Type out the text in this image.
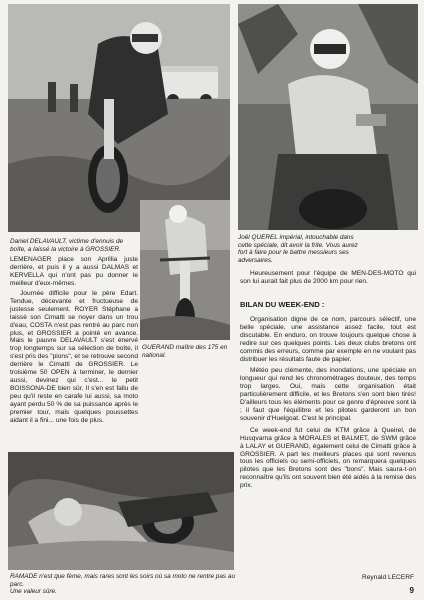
Joël QUEREL impérial, intouchable dans

cette spéciale, dit avoir la frite. Vous aurez

fort à faire pour le battre messieurs ses

adversaires.

Daniel DELAVAULT, victime d'ennuis de

boîte, a laissé la victoire à GROSSIER.

LEMENAGER place son Aprillia juste derrière, et puis il y a aussi DALMAS et KERVELLA qui n'ont pas pu donner le meilleur d'eux-mêmes.

Journée difficile pour le père Edart. Tendue, décevante et fructueuse de justesse seulement. ROYER Stéphane a laissé son Cimatti se noyer dans un trou d'eau, COSTA n'est pas rentré au parc non plus, et GROSSIER a pointé en avance. Mais le pauvre DELAVAULT s'est énervé trop longtemps sur sa sélection de boîte, il s'est pris des "pions", et se retrouve second derrière le Cimatti de GROSSIER. Le troisième 50 OPEN à terminer, le dernier aussi, devinez qui c'est... le petit BOISSONA-DE bien sûr. Il s'en est fallu de peu qu'il reste en carafe lui aussi, sa moto ayant perdu 50 % de sa puissance après le premier tour, mais quelques poussettes aidant il a fini... une fois de plus.

GUERAND maître des 175 en national.

Heureusement pour l'équipe de MEN-DES-MOTO qui son lui aurait fait plus de 2000 km pour rien.

BILAN DU WEEK-END :

Organisation digne de ce nom, parcours sélectif, une belle spéciale, une assistance assez facile, tout est discutable. En enduro, on trouve toujours quelque chose à redire sur ces quelques points. Les deux clubs bretons ont commis des erreurs, comme par exemple en ne voulant pas distribuer les résultats faute de papier.

Météo peu clémente, des inondations, une spéciale en longueur qui rend les chronométrages douteux, des temps trop larges. Oui, mais cette organisation était particulièrement difficile, et les Bretons s'en sont bien tirés! D'ailleurs tous les éléments pour ce genre d'épreuve sont là ; il faut que l'équilibre et les pilotes garderont un bon souvenir d'Huelgoat. C'est le principal.

Ce week-end fut celui de KTM grâce à Queirel, de Husqvarna grâce à MORALES et BALMET, de SWM grâce à LALAY et GUERAND, également celui de Cimatti grâce à GROSSIER. A part les meilleurs places qui sont revenus tous les officiels ou semi-officiels, on remarquera quelques pilotes que les Bretons sont des "bons". Mais saura-t-on reconnaître qu'ils ont souvent bien été aidés à la remise des prix.

RAMADE n'est que fème, mais rares sont les soirs où sa moto ne rentre pas au parc.

Une valeur sûre.

Reynald LECERF

9
